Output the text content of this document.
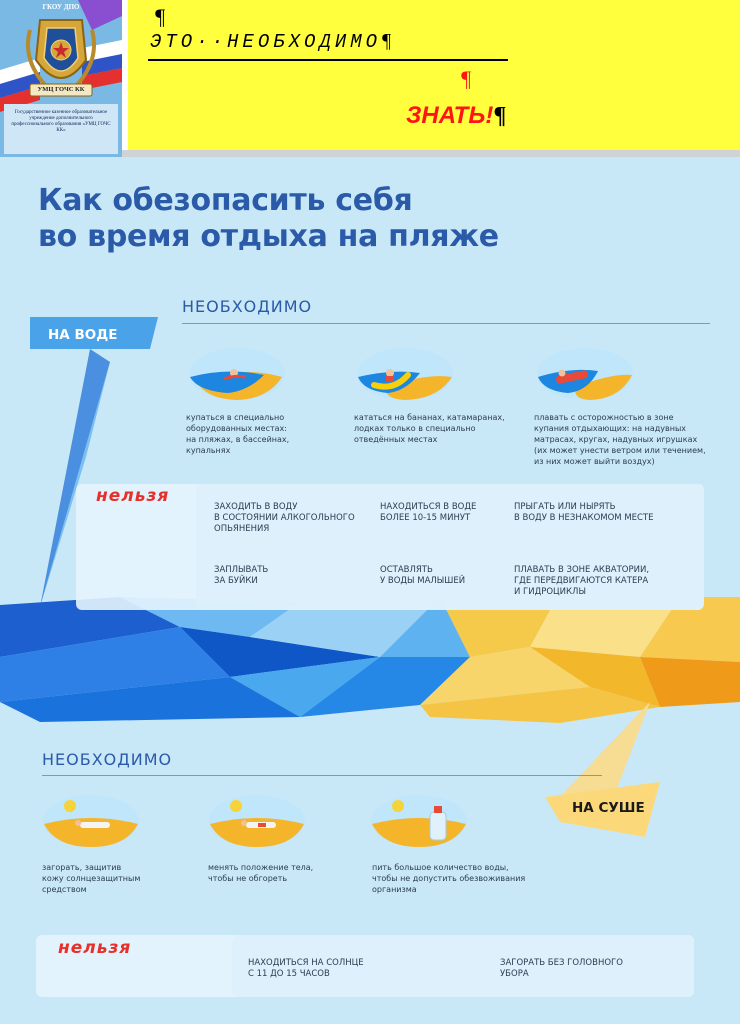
ГКОУ ДПО
УМЦ ГОЧС КК
Государственное казенное образовательное учреждение дополнительного профессионального образования «УМЦ ГОЧС КК»
¶
ЭТО··НЕОБХОДИМО¶
¶
ЗНАТЬ!¶
Как обезопасить себя
во время отдыха на пляже
НЕОБХОДИМО
НА ВОДЕ
купаться в специально
оборудованных местах:
на пляжах, в бассейнах,
купальнях
кататься на бананах, катамаранах,
лодках только в специально
отведённых местах
плавать с осторожностью в зоне
купания отдыхающих: на надувных
матрасах, кругах, надувных игрушках
(их может унести ветром или течением,
из них может выйти воздух)
нельзя
ЗАХОДИТЬ В ВОДУ
В СОСТОЯНИИ АЛКОГОЛЬНОГО
ОПЬЯНЕНИЯ
НАХОДИТЬСЯ В ВОДЕ
БОЛЕЕ 10-15 МИНУТ
ПРЫГАТЬ ИЛИ НЫРЯТЬ
В ВОДУ В НЕЗНАКОМОМ МЕСТЕ
ЗАПЛЫВАТЬ
ЗА БУЙКИ
ОСТАВЛЯТЬ
У ВОДЫ МАЛЫШЕЙ
ПЛАВАТЬ В ЗОНЕ АКВАТОРИИ,
ГДЕ ПЕРЕДВИГАЮТСЯ КАТЕРА
И ГИДРОЦИКЛЫ
НЕОБХОДИМО
НА СУШЕ
загорать, защитив
кожу солнцезащитным
средством
менять положение тела,
чтобы не обгореть
пить большое количество воды,
чтобы не допустить обезвоживания
организма
нельзя
НАХОДИТЬСЯ НА СОЛНЦЕ
С 11 ДО 15 ЧАСОВ
ЗАГОРАТЬ БЕЗ ГОЛОВНОГО
УБОРА
